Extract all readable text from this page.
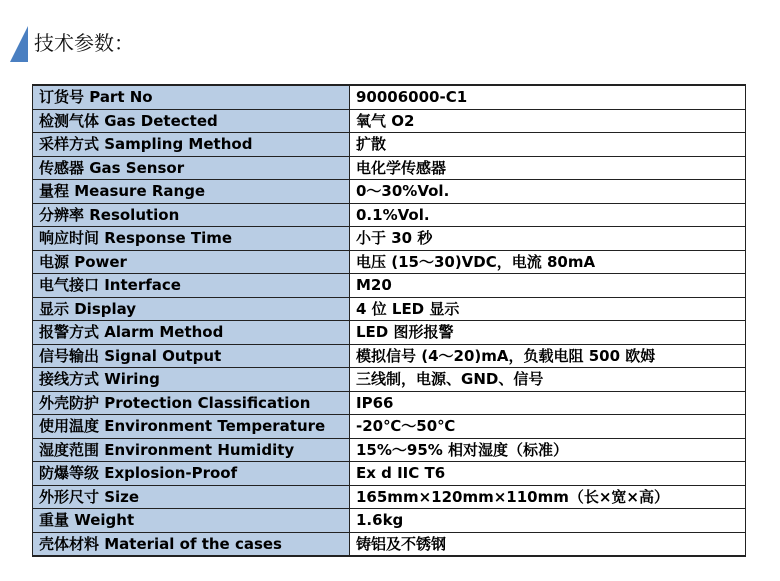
技术参数：
订货号 Part No	90006000-C1
检测气体 Gas Detected	氧气 O2
采样方式 Sampling Method	扩散
传感器 Gas Sensor	电化学传感器
量程 Measure Range	0～30%Vol.
分辨率 Resolution	0.1%Vol.
响应时间 Response Time	小于 30 秒
电源 Power	电压 (15～30)VDC，电流 80mA
电气接口 Interface	M20
显示 Display	4 位 LED 显示
报警方式 Alarm Method	LED 图形报警
信号输出 Signal Output	模拟信号 (4～20)mA，负载电阻 500 欧姆
接线方式 Wiring	三线制，电源、GND、信号
外壳防护 Protection Classification	IP66
使用温度 Environment Temperature	-20℃～50℃
湿度范围 Environment Humidity	15%～95% 相对湿度（标准）
防爆等级 Explosion-Proof	Ex d IIC T6
外形尺寸 Size	165mm×120mm×110mm（长×宽×高）
重量 Weight	1.6kg
壳体材料 Material of the cases	铸铝及不锈钢
